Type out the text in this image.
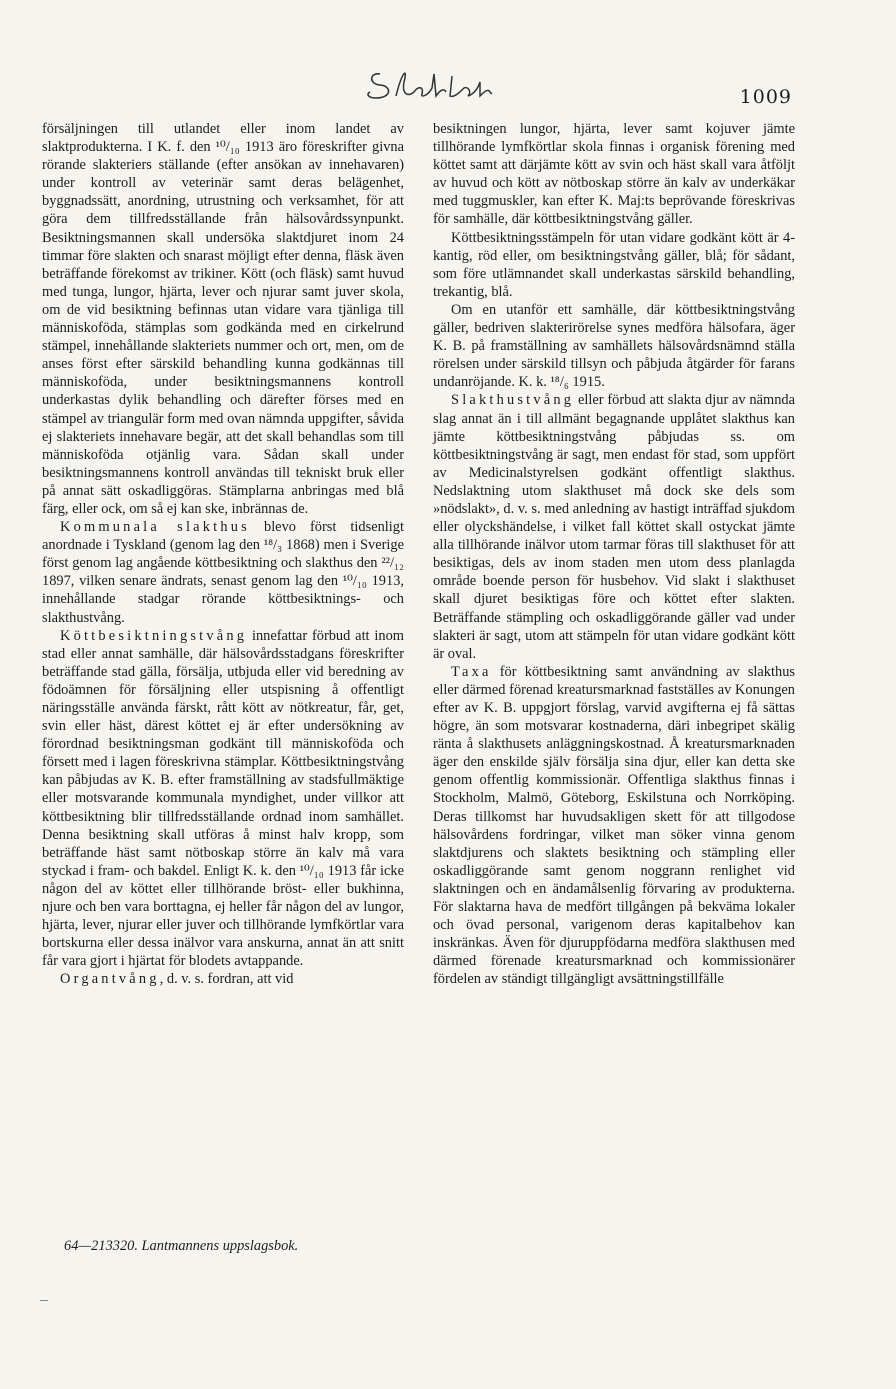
1009

försäljningen till utlandet eller inom landet av slaktprodukterna. I K. f. den ¹⁰/₁₀ 1913 äro föreskrifter givna rörande slakteriers ställande (efter ansökan av innehavaren) under kontroll av veterinär samt deras belägenhet, byggnadssätt, anordning, utrustning och verksamhet, för att göra dem tillfredsställande från hälsovårdssynpunkt. Besiktningsmannen skall undersöka slaktdjuret inom 24 timmar före slakten och snarast möjligt efter denna, fläsk även beträffande förekomst av trikiner. Kött (och fläsk) samt huvud med tunga, lungor, hjärta, lever och njurar samt juver skola, om de vid besiktning befinnas utan vidare vara tjänliga till människoföda, stämplas som godkända med en cirkelrund stämpel, innehållande slakteriets nummer och ort, men, om de anses först efter särskild behandling kunna godkännas till människoföda, under besiktningsmannens kontroll underkastas dylik behandling och därefter förses med en stämpel av triangulär form med ovan nämnda uppgifter, såvida ej slakteriets innehavare begär, att det skall behandlas som till människoföda otjänlig vara. Sådan skall under besiktningsmannens kontroll användas till tekniskt bruk eller på annat sätt oskadliggöras. Stämplarna anbringas med blå färg, eller ock, om så ej kan ske, inbrännas de.

Kommunala slakthus blevo först tidsenligt anordnade i Tyskland (genom lag den ¹⁸/₃ 1868) men i Sverige först genom lag angående köttbesiktning och slakthus den ²²/₁₂ 1897, vilken senare ändrats, senast genom lag den ¹⁰/₁₀ 1913, innehållande stadgar rörande köttbesiktnings- och slakthustvång.

Köttbesiktningstvång innefattar förbud att inom stad eller annat samhälle, där hälsovårdsstadgans föreskrifter beträffande stad gälla, försälja, utbjuda eller vid beredning av födoämnen för försäljning eller utspisning å offentligt näringsställe använda färskt, rått kött av nötkreatur, får, get, svin eller häst, därest köttet ej är efter undersökning av förordnad besiktningsman godkänt till människoföda och försett med i lagen föreskrivna stämplar. Köttbesiktningstvång kan påbjudas av K. B. efter framställning av stadsfullmäktige eller motsvarande kommunala myndighet, under villkor att köttbesiktning blir tillfredsställande ordnad inom samhället. Denna besiktning skall utföras å minst halv kropp, som beträffande häst samt nötboskap större än kalv må vara styckad i fram- och bakdel. Enligt K. k. den ¹⁰/₁₀ 1913 får icke någon del av köttet eller tillhörande bröst- eller bukhinna, njure och ben vara borttagna, ej heller får någon del av lungor, hjärta, lever, njurar eller juver och tillhörande lymfkörtlar vara bortskurna eller dessa inälvor vara anskurna, annat än att snitt får vara gjort i hjärtat för blodets avtappande.

Organtvång, d. v. s. fordran, att vid

besiktningen lungor, hjärta, lever samt kojuver jämte tillhörande lymfkörtlar skola finnas i organisk förening med köttet samt att därjämte kött av svin och häst skall vara åtföljt av huvud och kött av nötboskap större än kalv av underkäkar med tuggmuskler, kan efter K. Maj:ts beprövande föreskrivas för samhälle, där köttbesiktningstvång gäller.

Köttbesiktningsstämpeln för utan vidare godkänt kött är 4-kantig, röd eller, om besiktningstvång gäller, blå; för sådant, som före utlämnandet skall underkastas särskild behandling, trekantig, blå.

Om en utanför ett samhälle, där köttbesiktningstvång gäller, bedriven slakterirörelse synes medföra hälsofara, äger K. B. på framställning av samhällets hälsovårdsnämnd ställa rörelsen under särskild tillsyn och påbjuda åtgärder för farans undanröjande. K. k. ¹⁸/₆ 1915.

Slakthustvång eller förbud att slakta djur av nämnda slag annat än i till allmänt begagnande upplåtet slakthus kan jämte köttbesiktningstvång påbjudas ss. om köttbesiktningstvång är sagt, men endast för stad, som uppfört av Medicinalstyrelsen godkänt offentligt slakthus. Nedslaktning utom slakthuset må dock ske dels som »nödslakt», d. v. s. med anledning av hastigt inträffad sjukdom eller olyckshändelse, i vilket fall köttet skall ostyckat jämte alla tillhörande inälvor utom tarmar föras till slakthuset för att besiktigas, dels av inom staden men utom dess planlagda område boende person för husbehov. Vid slakt i slakthuset skall djuret besiktigas före och köttet efter slakten. Beträffande stämpling och oskadliggörande gäller vad under slakteri är sagt, utom att stämpeln för utan vidare godkänt kött är oval.

Taxa för köttbesiktning samt användning av slakthus eller därmed förenad kreatursmarknad fastställes av Konungen efter av K. B. uppgjort förslag, varvid avgifterna ej få sättas högre, än som motsvarar kostnaderna, däri inbegripet skälig ränta å slakthusets anläggningskostnad. Å kreatursmarknaden äger den enskilde själv försälja sina djur, eller kan detta ske genom offentlig kommissionär. Offentliga slakthus finnas i Stockholm, Malmö, Göteborg, Eskilstuna och Norrköping. Deras tillkomst har huvudsakligen skett för att tillgodose hälsovårdens fordringar, vilket man söker vinna genom slaktdjurens och slaktets besiktning och stämpling eller oskadliggörande samt genom noggrann renlighet vid slaktningen och en ändamålsenlig förvaring av produkterna. För slaktarna hava de medfört tillgången på bekväma lokaler och övad personal, varigenom deras kapitalbehov kan inskränkas. Även för djuruppfödarna medföra slakthusen med därmed förenade kreatursmarknad och kommissionärer fördelen av ständigt tillgängligt avsättningstillfälle

64—213320. Lantmannens uppslagsbok.
